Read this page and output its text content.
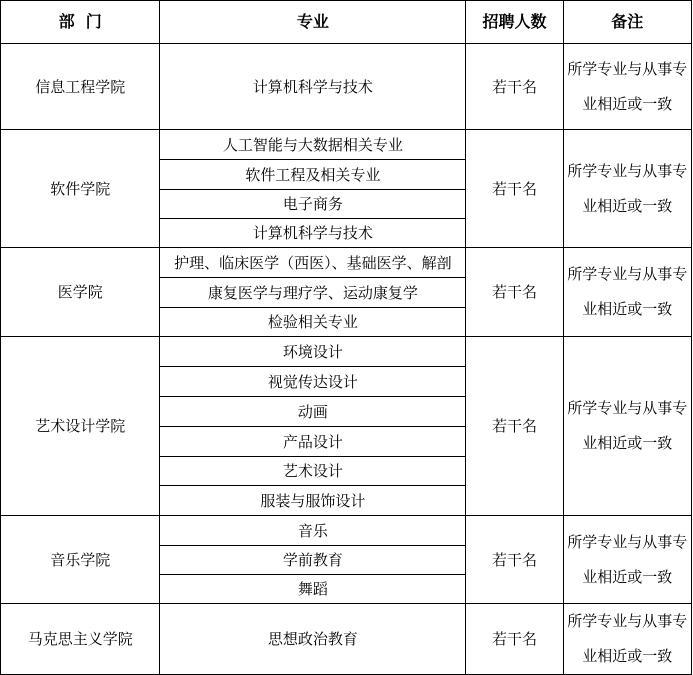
部  门	专业	招聘人数	备注
信息工程学院	计算机科学与技术	若干名	所学专业与从事专
业相近或一致

软件学院	人工智能与大数据相关专业	若干名	所学专业与从事专
业相近或一致

	软件工程及相关专业		
	电子商务		
	计算机科学与技术		
医学院	护理、临床医学（西医）、基础医学、解剖	若干名	所学专业与从事专
业相近或一致

	康复医学与理疗学、运动康复学		
	检验相关专业		
艺术设计学院	环境设计	若干名	所学专业与从事专
业相近或一致

	视觉传达设计		
	动画		
	产品设计		
	艺术设计		
	服装与服饰设计		
音乐学院	音乐	若干名	所学专业与从事专
业相近或一致

	学前教育		
	舞蹈		
马克思主义学院	思想政治教育	若干名	所学专业与从事专
业相近或一致
